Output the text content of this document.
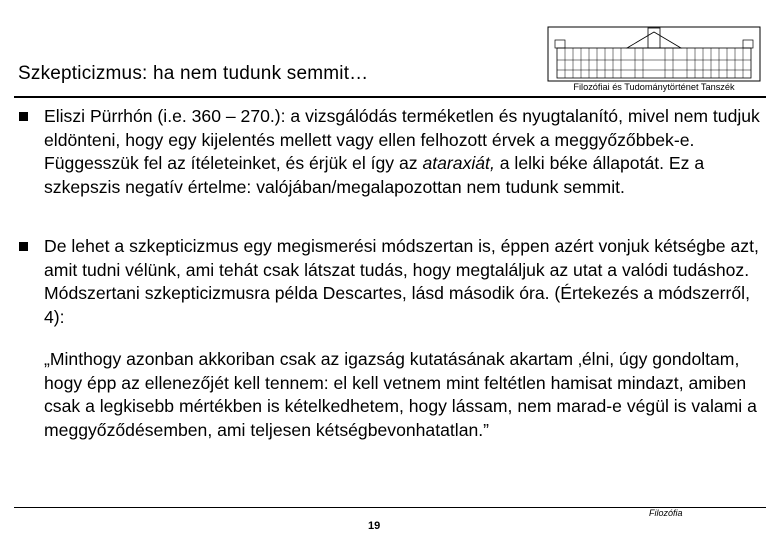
Szkepticizmus: ha nem tudunk semmit…
Filozófiai és Tudománytörténet Tanszék
Eliszi Pürrhón (i.e. 360 – 270.): a vizsgálódás terméketlen és nyugtalanító, mivel nem tudjuk eldönteni, hogy egy kijelentés mellett vagy ellen felhozott érvek a meggyőzőbbek-e. Függesszük fel az ítéleteinket, és érjük el így az ataraxiát, a lelki béke állapotát. Ez a szkepszis negatív értelme: valójában/megalapozottan nem tudunk semmit.
De lehet a szkepticizmus egy megismerési módszertan is, éppen azért vonjuk kétségbe azt, amit tudni vélünk, ami tehát csak látszat tudás, hogy megtaláljuk az utat a valódi tudáshoz. Módszertani szkepticizmusra példa Descartes, lásd második óra. (Értekezés a módszerről, 4):
„Minthogy azonban akkoriban csak az igazság kutatásának akartam ‚élni, úgy gondoltam, hogy épp az ellenezőjét kell tennem: el kell vetnem mint feltétlen hamisat mindazt, amiben csak a legkisebb mértékben is kételkedhetem, hogy lássam, nem marad-e végül is valami a meggyőződésemben, ami teljesen kétségbevonhatatlan.”
Filozófia
19
